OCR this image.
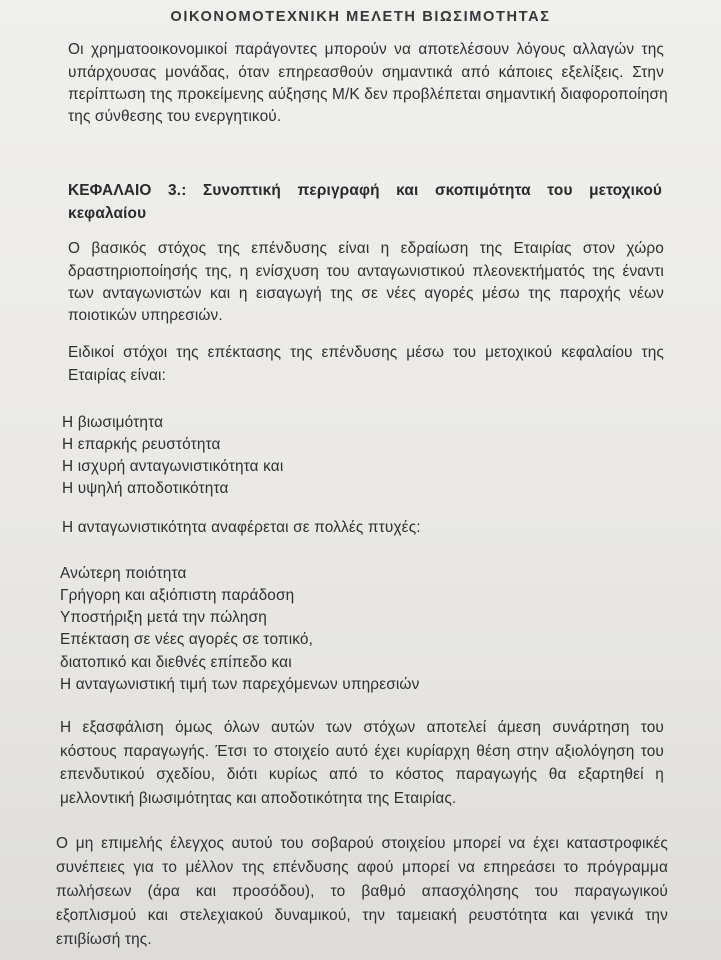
ΟΙΚΟΝΟΜΟΤΕΧΝΙΚΗ ΜΕΛΕΤΗ ΒΙΩΣΙΜΟΤΗΤΑΣ
Οι χρηματοοικονομικοί παράγοντες μπορούν να αποτελέσουν λόγους αλλαγών της
υπάρχουσας μονάδας, όταν επηρεασθούν σημαντικά από κάποιες εξελίξεις. Στην
περίπτωση της προκείμενης αύξησης Μ/Κ δεν προβλέπεται σημαντική διαφοροποίηση
της σύνθεσης του ενεργητικού.
ΚΕΦΑΛΑΙΟ 3.: Συνοπτική περιγραφή και σκοπιμότητα του μετοχικού
κεφαλαίου
Ο βασικός στόχος της επένδυσης είναι η εδραίωση της Εταιρίας στον χώρο
δραστηριοποίησής της, η ενίσχυση του ανταγωνιστικού πλεονεκτήματός της έναντι
των ανταγωνιστών και η εισαγωγή της σε νέες αγορές μέσω της παροχής νέων
ποιοτικών υπηρεσιών.
Ειδικοί στόχοι της επέκτασης της επένδυσης μέσω του μετοχικού κεφαλαίου της
Εταιρίας είναι:
Η βιωσιμότητα
Η επαρκής ρευστότητα
Η ισχυρή ανταγωνιστικότητα και
Η υψηλή αποδοτικότητα
Η ανταγωνιστικότητα αναφέρεται σε πολλές πτυχές:
Ανώτερη ποιότητα
Γρήγορη και αξιόπιστη παράδοση
Υποστήριξη μετά την πώληση
Επέκταση σε νέες αγορές σε τοπικό,
διατοπικό και διεθνές επίπεδο και
Η ανταγωνιστική τιμή των παρεχόμενων υπηρεσιών
Η εξασφάλιση όμως όλων αυτών των στόχων αποτελεί άμεση συνάρτηση του
κόστους παραγωγής. Έτσι το στοιχείο αυτό έχει κυρίαρχη θέση στην αξιολόγηση του
επενδυτικού σχεδίου, διότι κυρίως από το κόστος παραγωγής θα εξαρτηθεί η
μελλοντική βιωσιμότητας και αποδοτικότητα της Εταιρίας.
Ο μη επιμελής έλεγχος αυτού του σοβαρού στοιχείου μπορεί να έχει καταστροφικές
συνέπειες για το μέλλον της επένδυσης αφού μπορεί να επηρεάσει το πρόγραμμα
πωλήσεων (άρα και προσόδου), το βαθμό απασχόλησης του παραγωγικού
εξοπλισμού και στελεχιακού δυναμικού, την ταμειακή ρευστότητα και γενικά την
επιβίωσή της.
